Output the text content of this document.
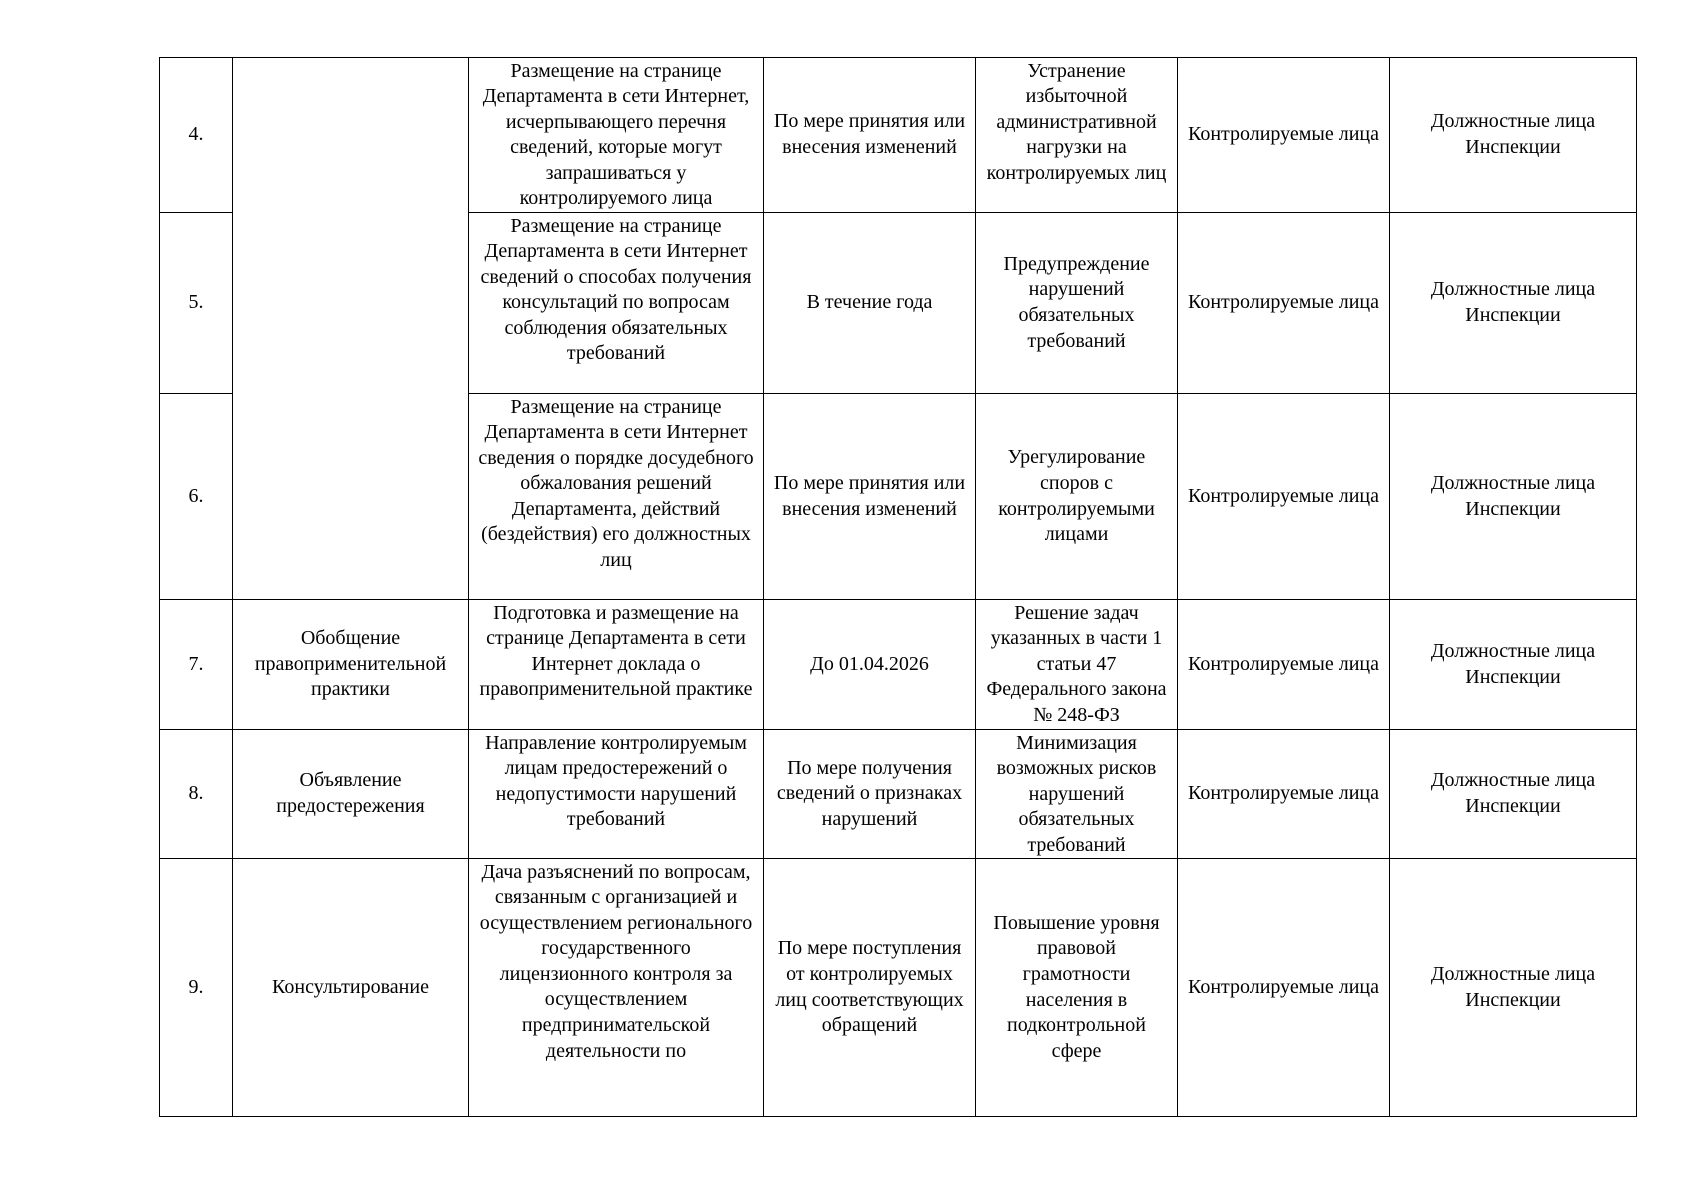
4.		Размещение на странице Департамента в сети Интернет, исчерпывающего перечня сведений, которые могут запрашиваться у контролируемого лица	По мере принятия или внесения изменений	Устранение избыточной административной нагрузки на контролируемых лиц	Контролируемые лица	Должностные лица Инспекции
5.		Размещение на странице Департамента в сети Интернет сведений о способах получения консультаций по вопросам соблюдения обязательных требований	В течение года	Предупреждение нарушений обязательных требований	Контролируемые лица	Должностные лица Инспекции
6.		Размещение на странице Департамента в сети Интернет сведения о порядке досудебного обжалования решений Департамента, действий (бездействия) его должностных лиц	По мере принятия или внесения изменений	Урегулирование споров с контролируемыми лицами	Контролируемые лица	Должностные лица Инспекции
7.	Обобщение правоприменительной практики	Подготовка и размещение на странице Департамента в сети Интернет доклада о правоприменительной практике	До 01.04.2026	Решение задач указанных в части 1 статьи 47 Федерального закона № 248-ФЗ	Контролируемые лица	Должностные лица Инспекции
8.	Объявление предостережения	Направление контролируемым лицам предостережений о недопустимости нарушений требований	По мере получения сведений о признаках нарушений	Минимизация возможных рисков нарушений обязательных требований	Контролируемые лица	Должностные лица Инспекции
9.	Консультирование	Дача разъяснений по вопросам, связанным с организацией и осуществлением регионального государственного лицензионного контроля за осуществлением предпринимательской деятельности по	По мере поступления от контролируемых лиц соответствующих обращений	Повышение уровня правовой грамотности населения в подконтрольной сфере	Контролируемые лица	Должностные лица Инспекции
